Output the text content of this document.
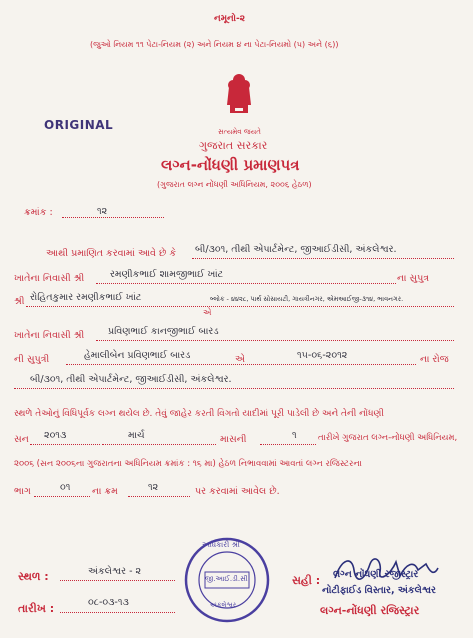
નમૂનો-૨
(જુઓ નિયમ ૧૧ પેટા-નિયમ (૨) અને નિયમ ૪ ના પેટા-નિયમો (૫) અને (૬))
સત્યમેવ જયતે
ORIGINAL
ગુજરાત સરકાર
લગ્ન-નોંધણી પ્રમાણપત્ર
(ગુજરાત લગ્ન નોંધણી અધિનિયમ, ૨૦૦૬ હેઠળ)
ક્રમાંક :	૧૨
આથી પ્રમાણિત કરવામાં આવે છે કે બી/૩૦૧, તીથી એપાર્ટમેન્ટ, જીઆઈડીસી, અંકલેશ્વર.
ખાતેના નિવાસી શ્રી	રમણીકભાઈ શામજીભાઈ ખાંટ	ના સુપુત્ર
શ્રી રોહિતકુમાર રમણીકભાઈ ખાંટ	બ્લોક - ૪૪૨૮, પાર્થ સોસાયટી, ગાયત્રીનગર, એમઆઈજી-૩૧૪, ભાવનગર.
એ
ખાતેના નિવાસી શ્રી	પ્રવિણભાઈ કાનજીભાઈ બારડ
ની સુપુત્રી	હેમાલીબેન પ્રવિણભાઈ બારડ	એ	૧૫-૦૬-૨૦૧૨	ના રોજ
બી/૩૦૧, તીથી એપાર્ટમેન્ટ, જીઆઈડીસી, અંકલેશ્વર.
સ્થળે તેઓનું વિધિપૂર્વક લગ્ન થયેલ છે. તેવું જાહેર કરતી વિગતો યાદીમાં પૂરી પાડેલી છે અને તેની નોંધણી
સન ૨૦૧૩	માર્ચ	માસની	૧	તારીખે ગુજરાત લગ્ન-નોંધણી અધિનિયમ,
૨૦૦૬ (સન ૨૦૦૬ના ગુજરાતના અધિનિયમ ક્રમાંક : ૧૬ મા) હેઠળ નિભાવવામાં આવતાં લગ્ન રજિસ્ટરના
ભાગ	૦૧ ના ક્રમ	૧૨	પર કરવામાં આવેલ છે.
અધિકારી શ્રી
જી.આઈ.ડી.સી
અંકલેશ્વર
સ્થળ :	અંકલેશ્વર - ૨
તારીખ :	૦૮-૦૩-૧૩
સહી : લગ્ન નોંધણી રજીસ્ટ્રાર
નોટીફાઈડ વિસ્તાર, અંકલેશ્વર
લગ્ન-નોંધણી રજિસ્ટ્રાર
